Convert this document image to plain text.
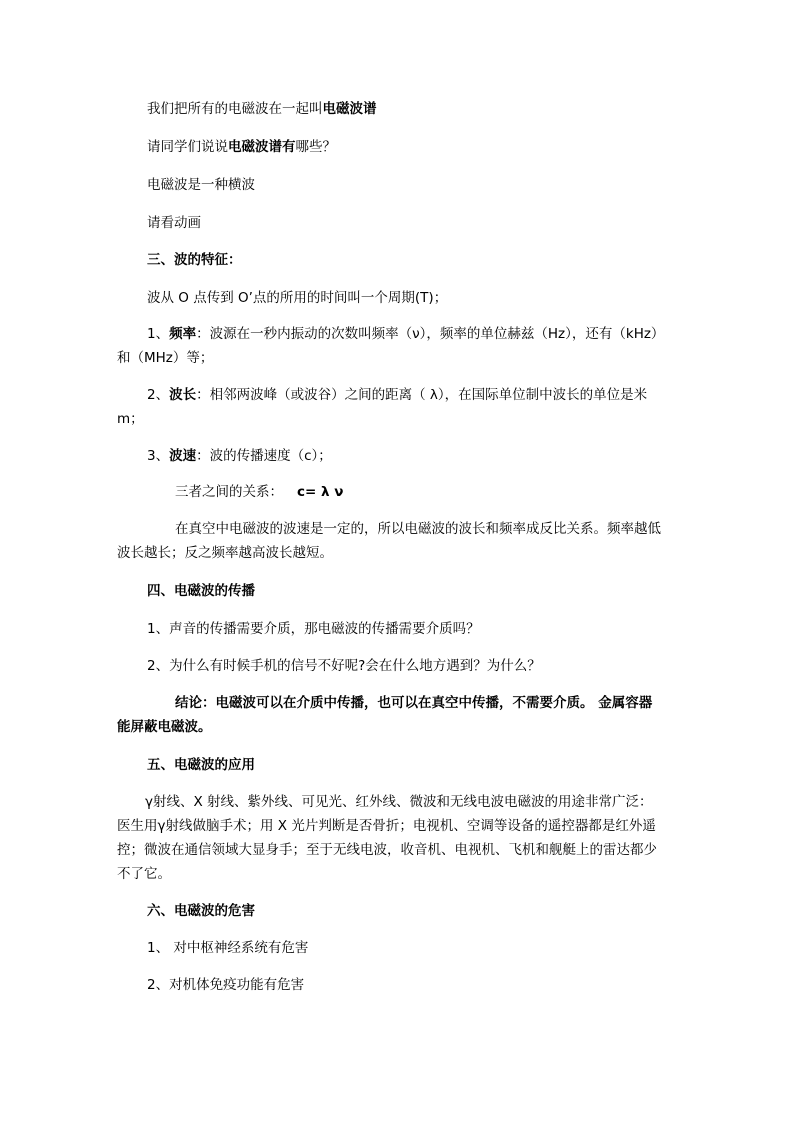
我们把所有的电磁波在一起叫电磁波谱
请同学们说说电磁波谱有哪些？
电磁波是一种横波
请看动画
三、波的特征：
波从 O 点传到 O’点的所用的时间叫一个周期(T)；
1、频率：波源在一秒内振动的次数叫频率（ν），频率的单位赫兹（Hz），还有（kHz）
和（MHz）等；
2、波长：相邻两波峰（或波谷）之间的距离（ λ），在国际单位制中波长的单位是米
m；
3、波速：波的传播速度（c）；
三者之间的关系： c= λ ν
在真空中电磁波的波速是一定的，所以电磁波的波长和频率成反比关系。频率越低
波长越长；反之频率越高波长越短。
四、电磁波的传播
1、声音的传播需要介质，那电磁波的传播需要介质吗？
2、为什么有时候手机的信号不好呢?会在什么地方遇到？为什么？
结论：电磁波可以在介质中传播，也可以在真空中传播，不需要介质。 金属容器
能屏蔽电磁波。
五、电磁波的应用
γ射线、X 射线、紫外线、可见光、红外线、微波和无线电波电磁波的用途非常广泛：
医生用γ射线做脑手术；用 X 光片判断是否骨折；电视机、空调等设备的遥控器都是红外遥
控；微波在通信领域大显身手；至于无线电波，收音机、电视机、飞机和舰艇上的雷达都少
不了它。
六、电磁波的危害
1、 对中枢神经系统有危害
2、对机体免疫功能有危害
